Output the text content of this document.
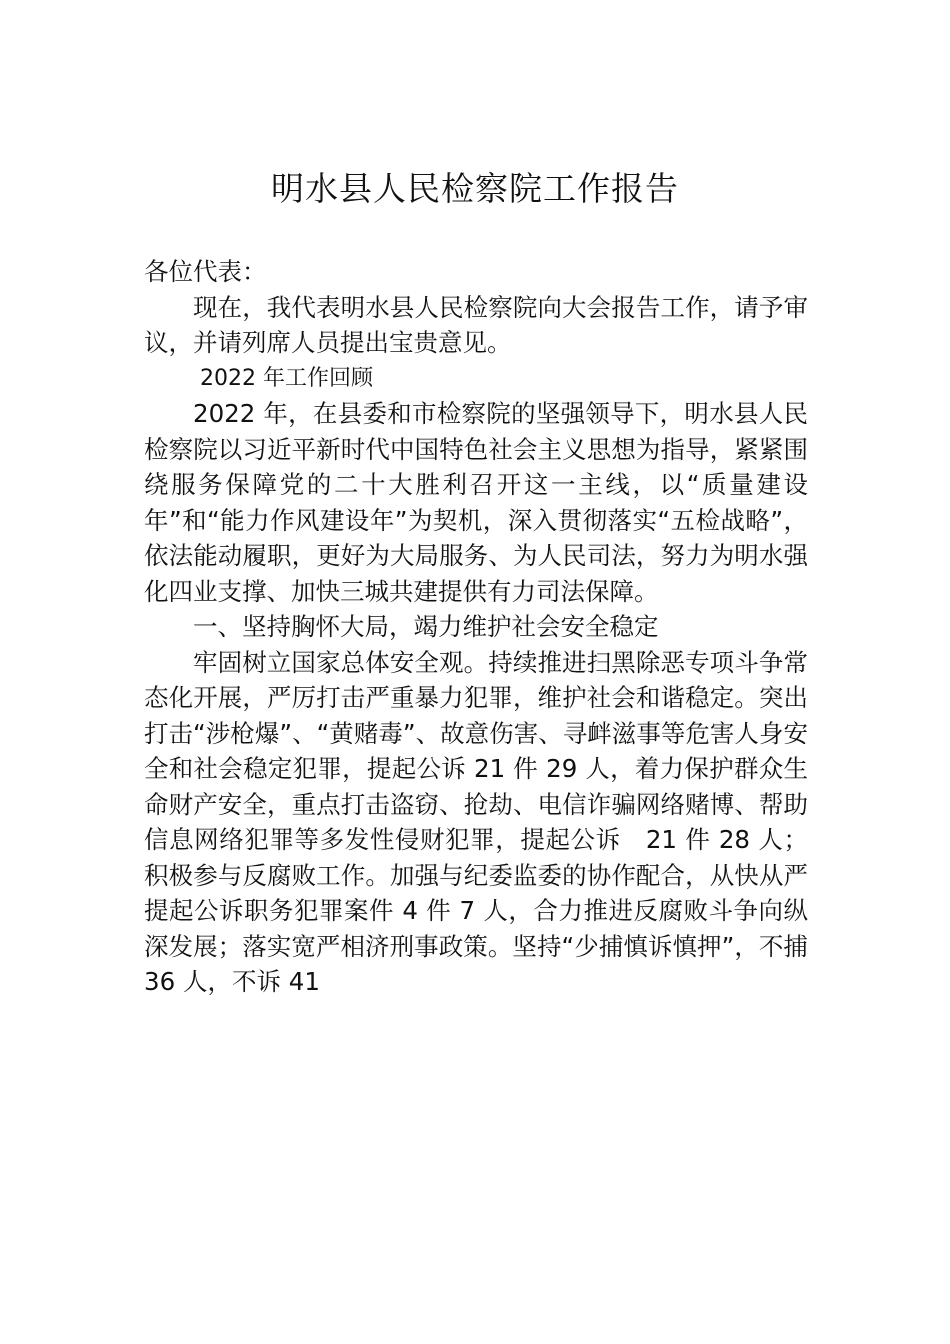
明水县人民检察院工作报告

各位代表：

现在，我代表明水县人民检察院向大会报告工作，请予审议，并请列席人员提出宝贵意见。

2022 年工作回顾

2022 年，在县委和市检察院的坚强领导下，明水县人民检察院以习近平新时代中国特色社会主义思想为指导，紧紧围绕服务保障党的二十大胜利召开这一主线，以“质量建设年”和“能力作风建设年”为契机，深入贯彻落实“五检战略”，依法能动履职，更好为大局服务、为人民司法，努力为明水强化四业支撑、加快三城共建提供有力司法保障。

一、坚持胸怀大局，竭力维护社会安全稳定

牢固树立国家总体安全观。持续推进扫黑除恶专项斗争常态化开展，严厉打击严重暴力犯罪，维护社会和谐稳定。突出打击“涉枪爆”、“黄赌毒”、故意伤害、寻衅滋事等危害人身安全和社会稳定犯罪，提起公诉 21 件 29 人，着力保护群众生命财产安全，重点打击盗窃、抢劫、电信诈骗网络赌博、帮助信息网络犯罪等多发性侵财犯罪，提起公诉　21 件 28 人；积极参与反腐败工作。加强与纪委监委的协作配合，从快从严提起公诉职务犯罪案件 4 件 7 人，合力推进反腐败斗争向纵深发展；落实宽严相济刑事政策。坚持“少捕慎诉慎押”，不捕 36 人，不诉 41
